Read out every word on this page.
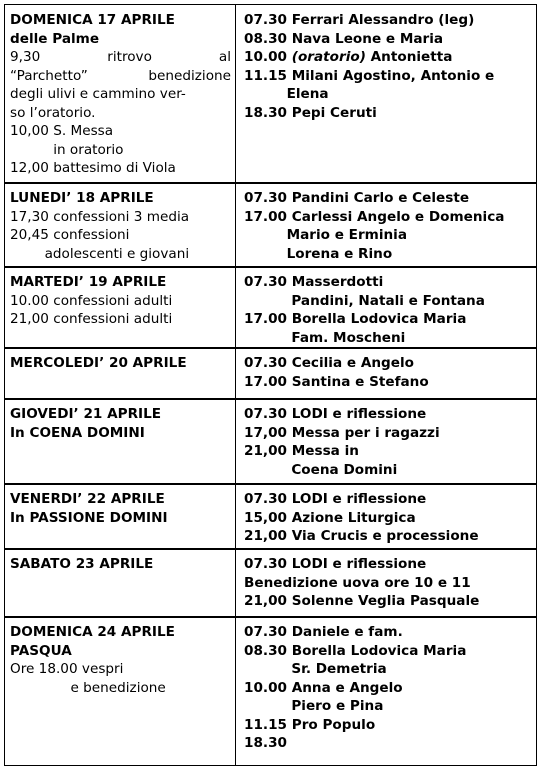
DOMENICA 17 APRILE
delle Palme
9,30 ritrovo al
“Parchetto” benedizione
degli ulivi e cammino ver-
so l’oratorio.
10,00 S. Messa
in oratorio
12,00 battesimo di Viola
07.30 Ferrari Alessandro (leg)
08.30 Nava Leone e Maria
10.00 (oratorio) Antonietta
11.15 Milani Agostino, Antonio e
Elena
18.30 Pepi Ceruti
LUNEDI’ 18 APRILE
17,30 confessioni 3 media
20,45 confessioni
adolescenti e giovani
07.30 Pandini Carlo e Celeste
17.00 Carlessi Angelo e Domenica
Mario e Erminia
Lorena e Rino
MARTEDI’ 19 APRILE
10.00 confessioni adulti
21,00 confessioni adulti
07.30 Masserdotti
Pandini, Natali e Fontana
17.00 Borella Lodovica Maria
Fam. Moscheni
MERCOLEDI’ 20 APRILE	07.30 Cecilia e Angelo
17.00 Santina e Stefano
GIOVEDI’ 21 APRILE
In COENA DOMINI
07.30 LODI e riflessione
17,00 Messa per i ragazzi
21,00 Messa in
Coena Domini
VENERDI’ 22 APRILE
In PASSIONE DOMINI
07.30 LODI e riflessione
15,00 Azione Liturgica
21,00 Via Crucis e processione
SABATO 23 APRILE	07.30 LODI e riflessione
Benedizione uova ore 10 e 11
21,00 Solenne Veglia Pasquale
DOMENICA 24 APRILE
PASQUA
Ore 18.00 vespri
e benedizione
07.30 Daniele e fam.
08.30 Borella Lodovica Maria
Sr. Demetria
10.00 Anna e Angelo
Piero e Pina
11.15 Pro Populo
18.30
